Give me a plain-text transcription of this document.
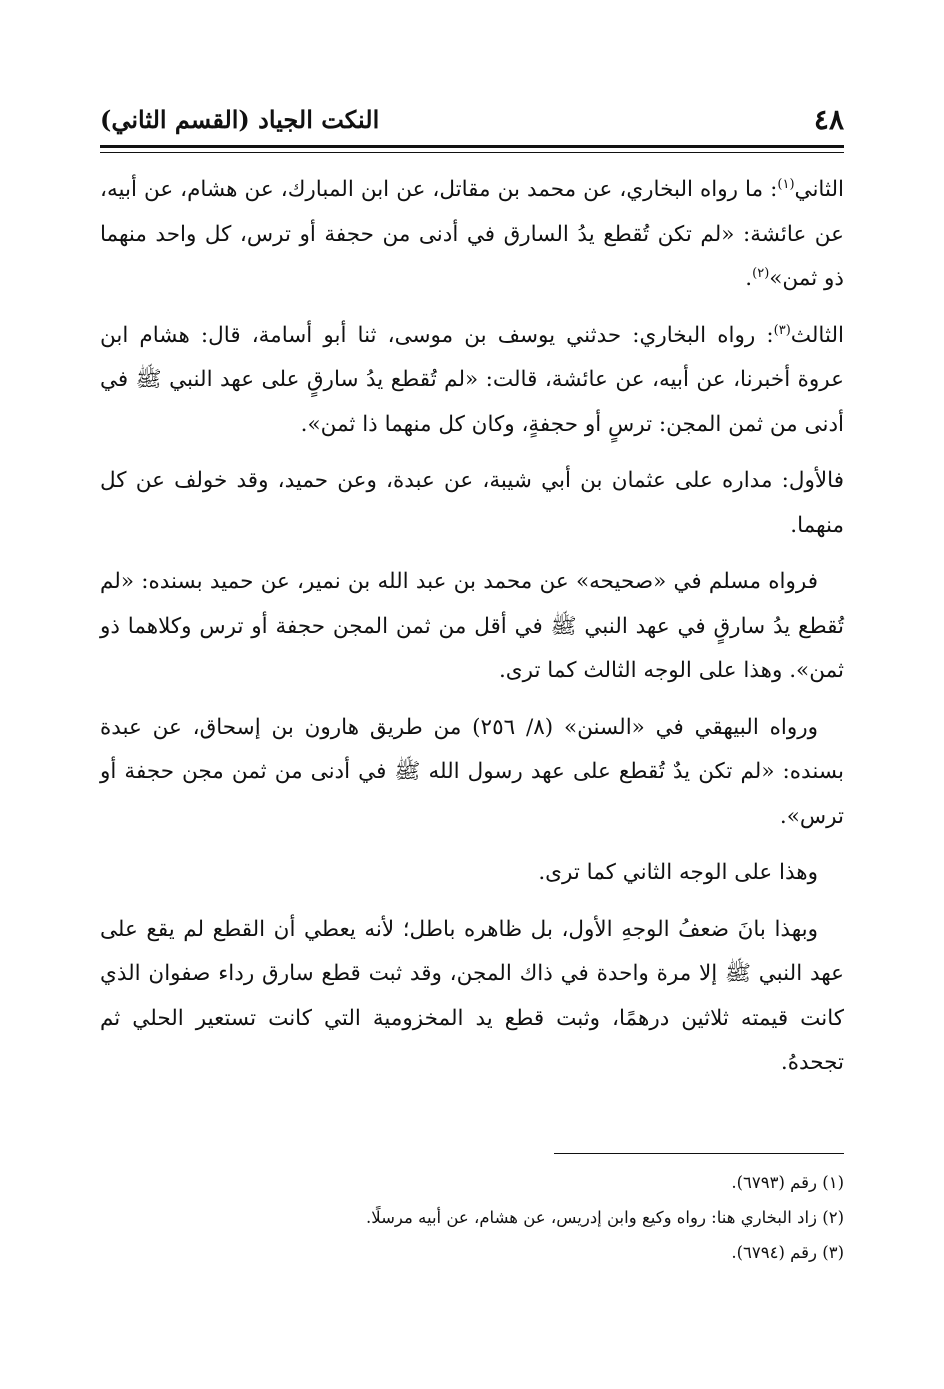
٤٨
النكت الجياد (القسم الثاني)

الثاني$^{(١)}$: ما رواه البخاري، عن محمد بن مقاتل، عن ابن المبارك، عن هشام، عن أبيه، عن عائشة: «لم تكن تُقطع يدُ السارق في أدنى من حجفة أو ترس، كل واحد منهما ذو ثمن»$^{(٢)}$.

الثالث$^{(٣)}$: رواه البخاري: حدثني يوسف بن موسى، ثنا أبو أسامة، قال: هشام ابن عروة أخبرنا، عن أبيه، عن عائشة، قالت: «لم تُقطع يدُ سارقٍ على عهد النبي ﷺ في أدنى من ثمن المجن: ترسٍ أو حجفةٍ، وكان كل منهما ذا ثمن».

فالأول: مداره على عثمان بن أبي شيبة، عن عبدة، وعن حميد، وقد خولف عن كل منهما.

فرواه مسلم في «صحيحه» عن محمد بن عبد الله بن نمير، عن حميد بسنده: «لم تُقطع يدُ سارقٍ في عهد النبي ﷺ في أقل من ثمن المجن حجفة أو ترس وكلاهما ذو ثمن». وهذا على الوجه الثالث كما ترى.

ورواه البيهقي في «السنن» (٨/ ٢٥٦) من طريق هارون بن إسحاق، عن عبدة بسنده: «لم تكن يدٌ تُقطع على عهد رسول الله ﷺ في أدنى من ثمن مجن حجفة أو ترس».

وهذا على الوجه الثاني كما ترى.

وبهذا بانَ ضعفُ الوجهِ الأول، بل ظاهره باطل؛ لأنه يعطي أن القطع لم يقع على عهد النبي ﷺ إلا مرة واحدة في ذاك المجن، وقد ثبت قطع سارق رداء صفوان الذي كانت قيمته ثلاثين درهمًا، وثبت قطع يد المخزومية التي كانت تستعير الحلي ثم تجحدهُ.

(١) رقم (٦٧٩٣).

(٢) زاد البخاري هنا: رواه وكيع وابن إدريس، عن هشام، عن أبيه مرسلًا.

(٣) رقم (٦٧٩٤).
